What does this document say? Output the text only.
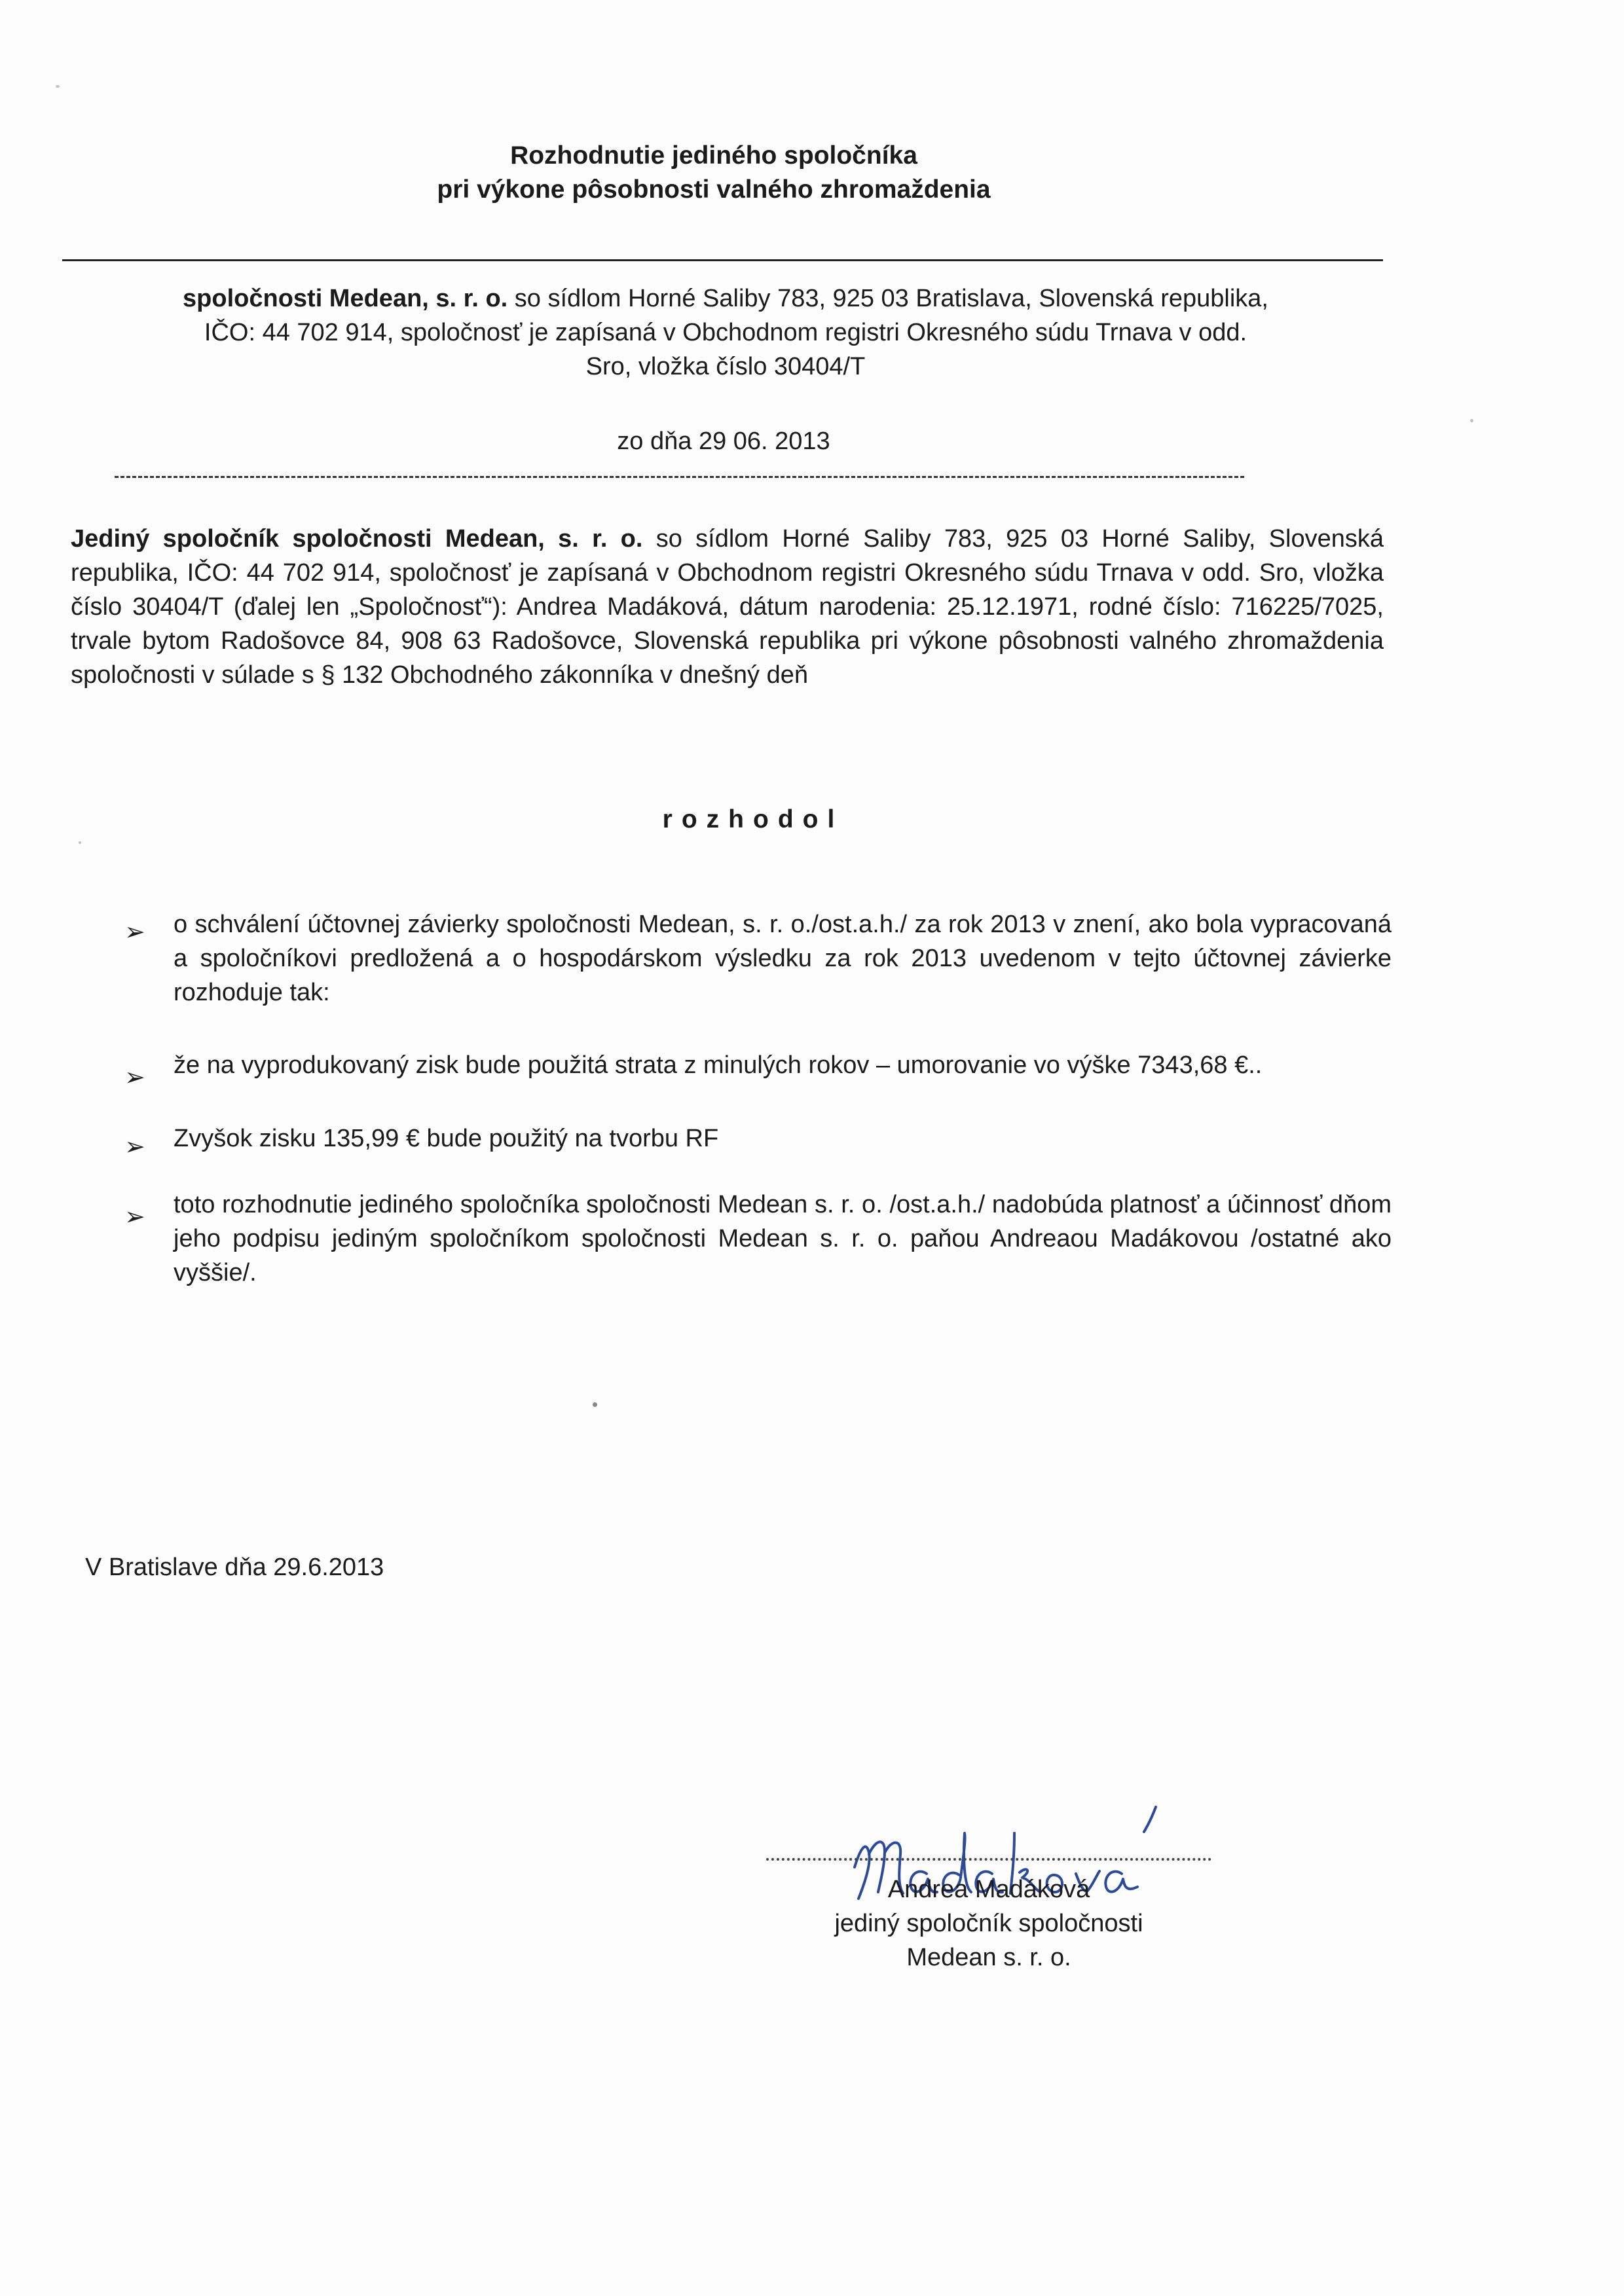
Rozhodnutie jediného spoločníka
pri výkone pôsobnosti valného zhromaždenia
spoločnosti Medean, s. r. o. so sídlom Horné Saliby 783, 925 03 Bratislava, Slovenská republika,
IČO: 44 702 914, spoločnosť je zapísaná v Obchodnom registri Okresného súdu Trnava v odd.
Sro, vložka číslo 30404/T
zo dňa 29 06. 2013
Jediný spoločník spoločnosti Medean, s. r. o. so sídlom Horné Saliby 783, 925 03 Horné Saliby, Slovenská republika, IČO: 44 702 914, spoločnosť je zapísaná v Obchodnom registri Okresného súdu Trnava v odd. Sro, vložka číslo 30404/T (ďalej len „Spoločnosť“): Andrea Madáková, dátum narodenia: 25.12.1971, rodné číslo: 716225/7025, trvale bytom Radošovce 84, 908 63 Radošovce, Slovenská republika pri výkone pôsobnosti valného zhromaždenia spoločnosti v súlade s § 132 Obchodného zákonníka v dnešný deň
rozhodol
➢ o schválení účtovnej závierky spoločnosti Medean, s. r. o./ost.a.h./ za rok 2013 v znení, ako bola vypracovaná a spoločníkovi predložená a o hospodárskom výsledku za rok 2013 uvedenom v tejto účtovnej závierke rozhoduje tak:
➢ že na vyprodukovaný zisk bude použitá strata z minulých rokov – umorovanie vo výške 7343,68 €..
➢ Zvyšok zisku 135,99 € bude použitý na tvorbu RF
➢ toto rozhodnutie jediného spoločníka spoločnosti Medean s. r. o. /ost.a.h./ nadobúda platnosť a účinnosť dňom jeho podpisu jediným spoločníkom spoločnosti Medean s. r. o. paňou Andreaou Madákovou /ostatné ako vyššie/.
V Bratislave dňa 29.6.2013
Andrea Madáková
jediný spoločník spoločnosti
Medean s. r. o.
